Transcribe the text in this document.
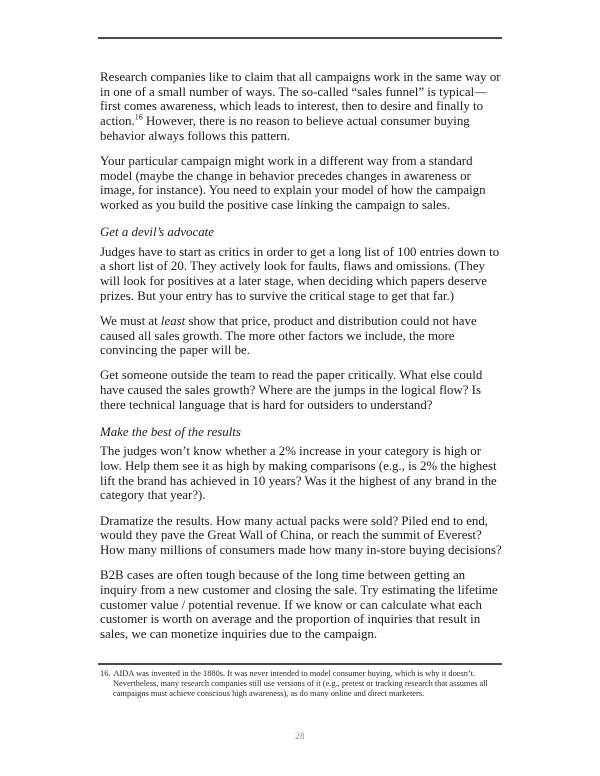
Research companies like to claim that all campaigns work in the same way or in one of a small number of ways. The so-called “sales funnel” is typical—first comes awareness, which leads to interest, then to desire and finally to action.$^{16}$ However, there is no reason to believe actual consumer buying behavior always follows this pattern.

Your particular campaign might work in a different way from a standard model (maybe the change in behavior precedes changes in awareness or image, for instance). You need to explain your model of how the campaign worked as you build the positive case linking the campaign to sales.

Get a devil’s advocate

Judges have to start as critics in order to get a long list of 100 entries down to a short list of 20. They actively look for faults, flaws and omissions. (They will look for positives at a later stage, when deciding which papers deserve prizes. But your entry has to survive the critical stage to get that far.)

We must at least show that price, product and distribution could not have caused all sales growth. The more other factors we include, the more convincing the paper will be.

Get someone outside the team to read the paper critically. What else could have caused the sales growth? Where are the jumps in the logical flow? Is there technical language that is hard for outsiders to understand?

Make the best of the results

The judges won’t know whether a 2% increase in your category is high or low. Help them see it as high by making comparisons (e.g., is 2% the highest lift the brand has achieved in 10 years? Was it the highest of any brand in the category that year?).

Dramatize the results. How many actual packs were sold? Piled end to end, would they pave the Great Wall of China, or reach the summit of Everest? How many millions of consumers made how many in-store buying decisions?

B2B cases are often tough because of the long time between getting an inquiry from a new customer and closing the sale. Try estimating the lifetime customer value / potential revenue. If we know or can calculate what each customer is worth on average and the proportion of inquiries that result in sales, we can monetize inquiries due to the campaign.

16. AIDA was invented in the 1880s. It was never intended to model consumer buying, which is why it doesn’t. Nevertheless, many research companies still use versions of it (e.g., pretest or tracking research that assumes all campaigns must achieve conscious high awareness), as do many online and direct marketers.
28
